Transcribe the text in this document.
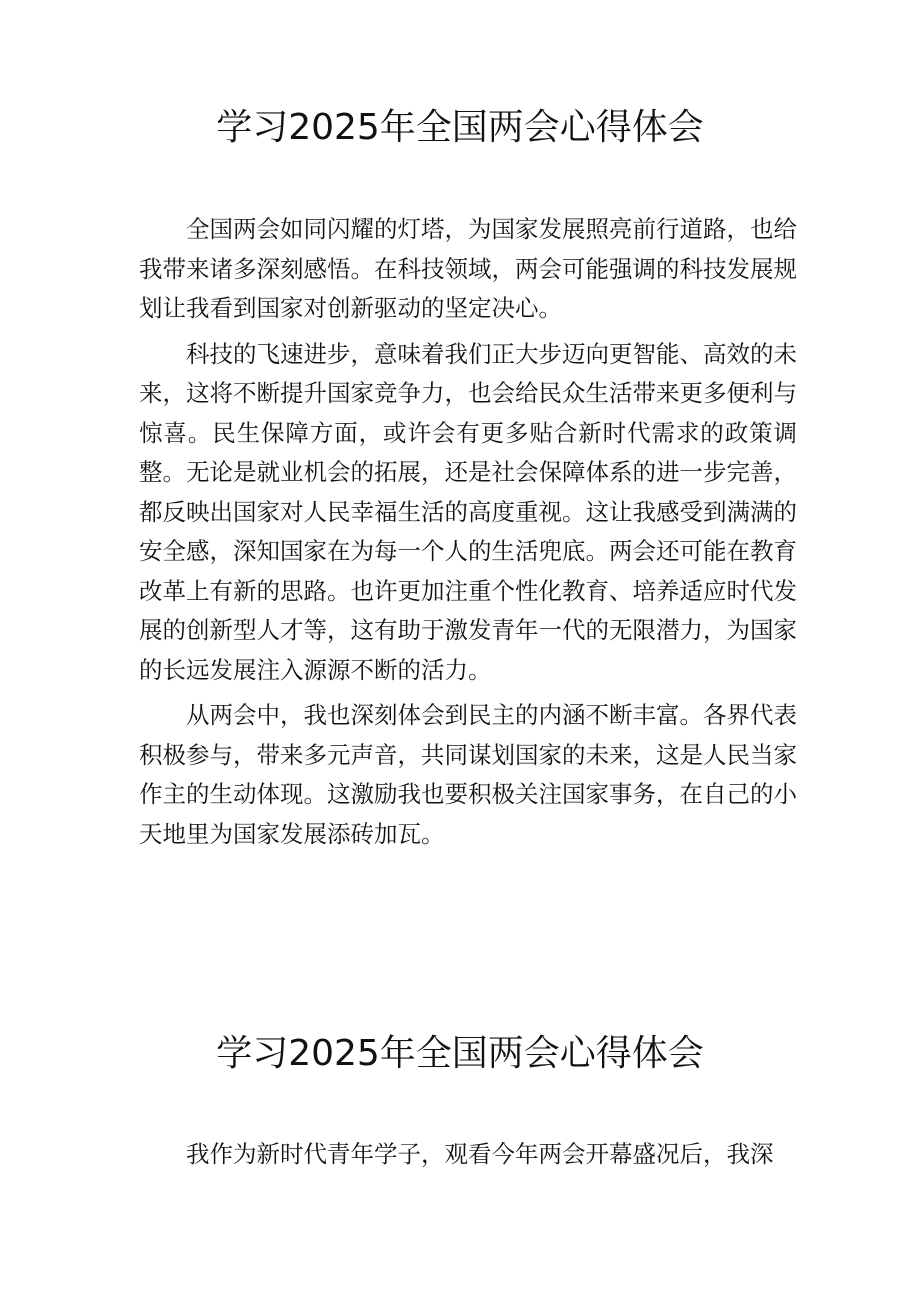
学习2025年全国两会心得体会

全国两会如同闪耀的灯塔，为国家发展照亮前行道路，也给我带来诸多深刻感悟。在科技领域，两会可能强调的科技发展规划让我看到国家对创新驱动的坚定决心。

科技的飞速进步，意味着我们正大步迈向更智能、高效的未来，这将不断提升国家竞争力，也会给民众生活带来更多便利与惊喜。民生保障方面，或许会有更多贴合新时代需求的政策调整。无论是就业机会的拓展，还是社会保障体系的进一步完善，都反映出国家对人民幸福生活的高度重视。这让我感受到满满的安全感，深知国家在为每一个人的生活兜底。两会还可能在教育改革上有新的思路。也许更加注重个性化教育、培养适应时代发展的创新型人才等，这有助于激发青年一代的无限潜力，为国家的长远发展注入源源不断的活力。

从两会中，我也深刻体会到民主的内涵不断丰富。各界代表积极参与，带来多元声音，共同谋划国家的未来，这是人民当家作主的生动体现。这激励我也要积极关注国家事务，在自己的小天地里为国家发展添砖加瓦。

学习2025年全国两会心得体会

我作为新时代青年学子，观看今年两会开幕盛况后，我深
